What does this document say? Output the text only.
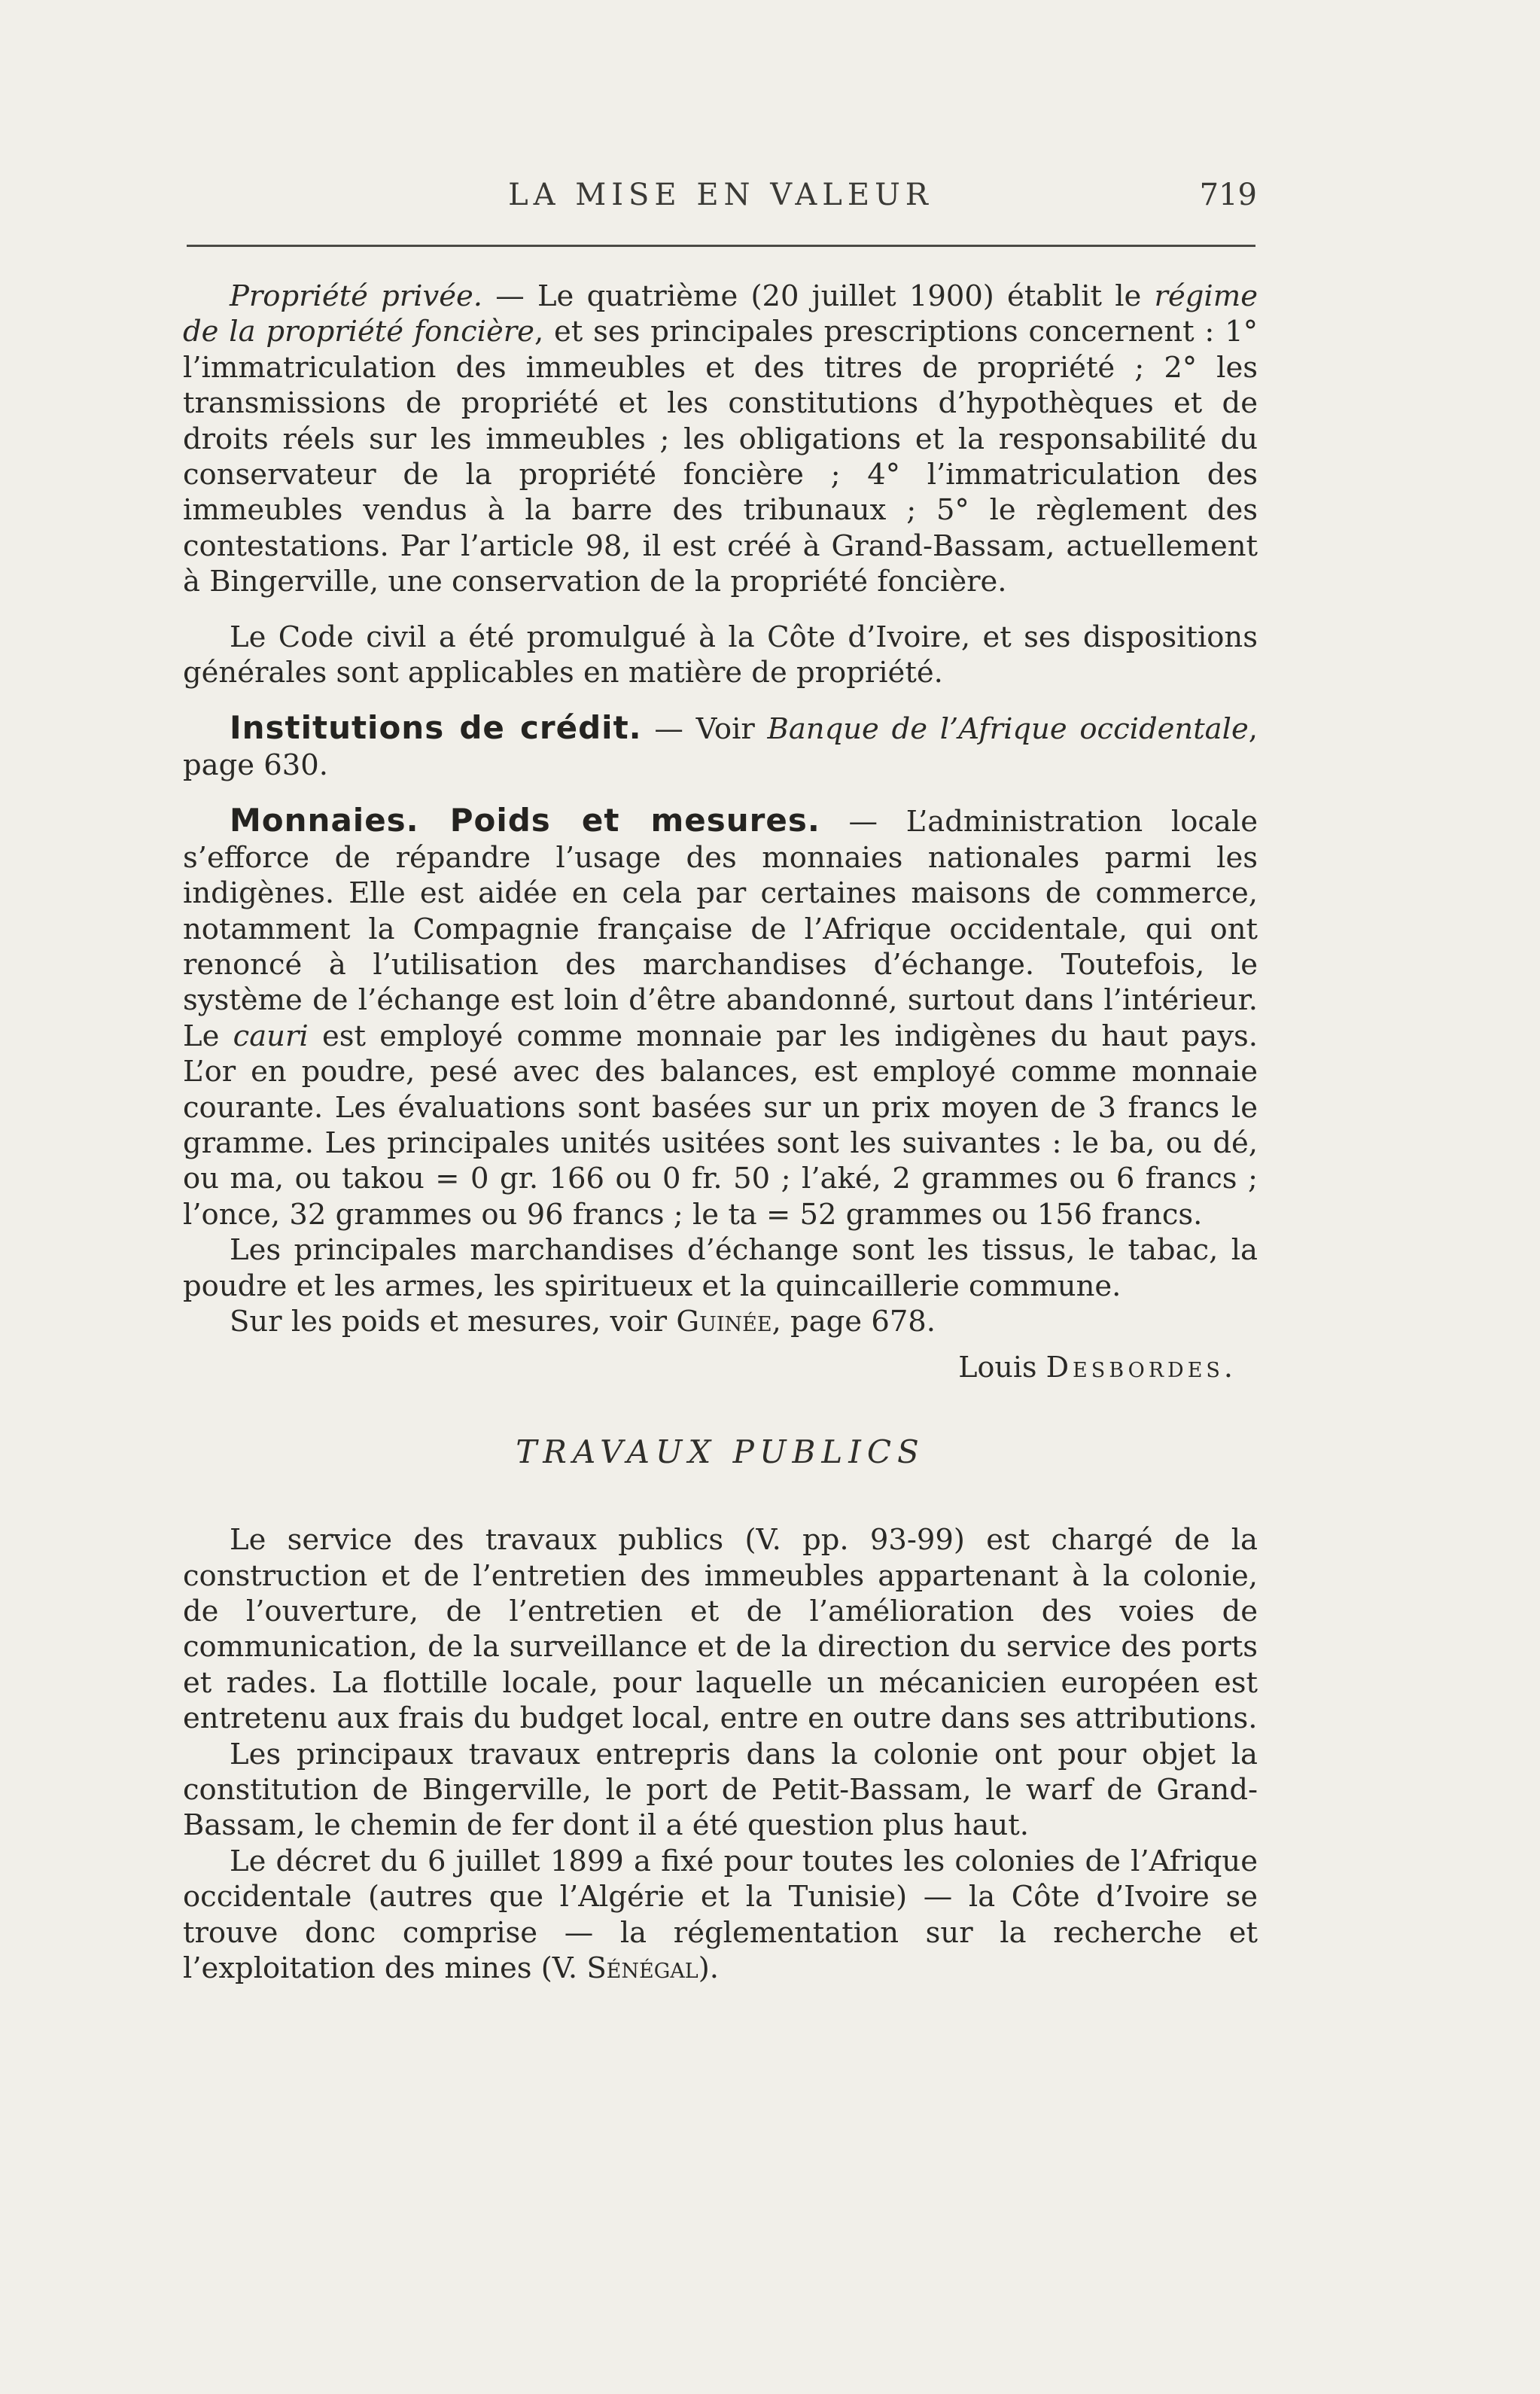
LA MISE EN VALEUR	719

Propriété privée. — Le quatrième (20 juillet 1900) établit le régime de la propriété foncière, et ses principales prescriptions concernent : 1° l’immatriculation des immeubles et des titres de propriété ; 2° les transmissions de propriété et les constitutions d’hypothèques et de droits réels sur les immeubles ; les obligations et la responsabilité du conservateur de la propriété foncière ; 4° l’immatriculation des immeubles vendus à la barre des tribunaux ; 5° le règlement des contestations. Par l’article 98, il est créé à Grand-Bassam, actuellement à Bingerville, une conservation de la propriété foncière.

Le Code civil a été promulgué à la Côte d’Ivoire, et ses dispositions générales sont applicables en matière de propriété.

Institutions de crédit. — Voir Banque de l’Afrique occidentale, page 630.

Monnaies. Poids et mesures. — L’administration locale s’efforce de répandre l’usage des monnaies nationales parmi les indigènes. Elle est aidée en cela par certaines maisons de commerce, notamment la Compagnie française de l’Afrique occidentale, qui ont renoncé à l’utilisation des marchandises d’échange. Toutefois, le système de l’échange est loin d’être abandonné, surtout dans l’intérieur. Le cauri est employé comme monnaie par les indigènes du haut pays. L’or en poudre, pesé avec des balances, est employé comme monnaie courante. Les évaluations sont basées sur un prix moyen de 3 francs le gramme. Les principales unités usitées sont les suivantes : le ba, ou dé, ou ma, ou takou = 0 gr. 166 ou 0 fr. 50 ; l’aké, 2 grammes ou 6 francs ; l’once, 32 grammes ou 96 francs ; le ta = 52 grammes ou 156 francs.

Les principales marchandises d’échange sont les tissus, le tabac, la poudre et les armes, les spiritueux et la quincaillerie commune.

Sur les poids et mesures, voir Guinée, page 678.

Louis Desbordes.
TRAVAUX PUBLICS

Le service des travaux publics (V. pp. 93-99) est chargé de la construction et de l’entretien des immeubles appartenant à la colonie, de l’ouverture, de l’entretien et de l’amélioration des voies de communication, de la surveillance et de la direction du service des ports et rades. La flottille locale, pour laquelle un mécanicien européen est entretenu aux frais du budget local, entre en outre dans ses attributions.

Les principaux travaux entrepris dans la colonie ont pour objet la constitution de Bingerville, le port de Petit-Bassam, le warf de Grand-Bassam, le chemin de fer dont il a été question plus haut.

Le décret du 6 juillet 1899 a fixé pour toutes les colonies de l’Afrique occidentale (autres que l’Algérie et la Tunisie) — la Côte d’Ivoire se trouve donc comprise — la réglementation sur la recherche et l’exploitation des mines (V. Sénégal).
